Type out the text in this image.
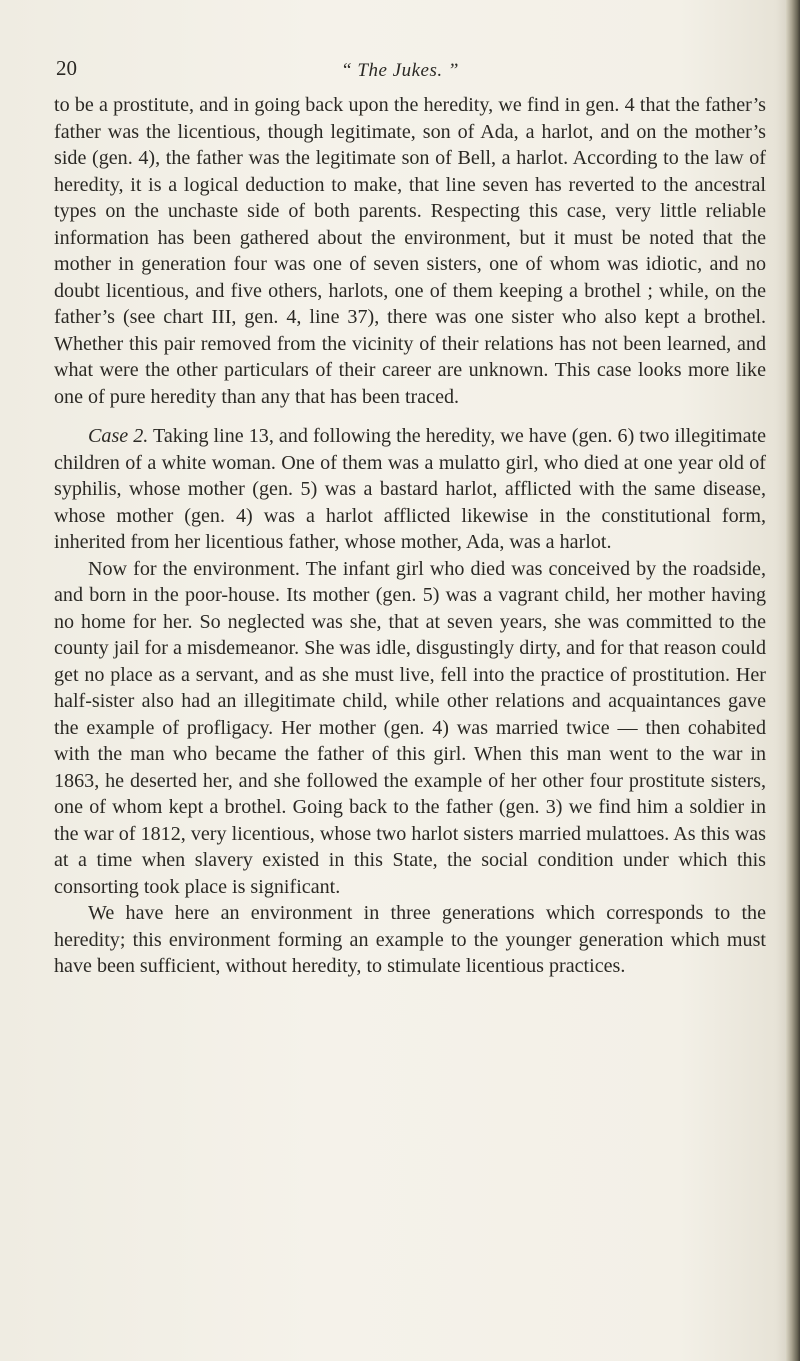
20	“ The Jukes. ”

to be a prostitute, and in going back upon the heredity, we find in gen. 4 that the father’s father was the licentious, though legitimate, son of Ada, a harlot, and on the mother’s side (gen. 4), the father was the legitimate son of Bell, a harlot. According to the law of heredity, it is a logical deduction to make, that line seven has reverted to the ancestral types on the unchaste side of both parents. Respecting this case, very little reliable information has been gathered about the environment, but it must be noted that the mother in generation four was one of seven sisters, one of whom was idiotic, and no doubt licentious, and five others, harlots, one of them keeping a brothel ; while, on the father’s (see chart III, gen. 4, line 37), there was one sister who also kept a brothel. Whether this pair removed from the vicinity of their relations has not been learned, and what were the other particulars of their career are unknown. This case looks more like one of pure heredity than any that has been traced.

Case 2. Taking line 13, and following the heredity, we have (gen. 6) two illegitimate children of a white woman. One of them was a mulatto girl, who died at one year old of syphilis, whose mother (gen. 5) was a bastard harlot, afflicted with the same disease, whose mother (gen. 4) was a harlot afflicted likewise in the constitutional form, inherited from her licentious father, whose mother, Ada, was a harlot.

Now for the environment. The infant girl who died was conceived by the roadside, and born in the poor-house. Its mother (gen. 5) was a vagrant child, her mother having no home for her. So neglected was she, that at seven years, she was committed to the county jail for a misdemeanor. She was idle, disgustingly dirty, and for that reason could get no place as a servant, and as she must live, fell into the practice of prostitution. Her half-sister also had an illegitimate child, while other relations and acquaintances gave the example of profligacy. Her mother (gen. 4) was married twice — then cohabited with the man who became the father of this girl. When this man went to the war in 1863, he deserted her, and she followed the example of her other four prostitute sisters, one of whom kept a brothel. Going back to the father (gen. 3) we find him a soldier in the war of 1812, very licentious, whose two harlot sisters married mulattoes. As this was at a time when slavery existed in this State, the social condition under which this consorting took place is significant.

We have here an environment in three generations which corresponds to the heredity; this environment forming an example to the younger generation which must have been sufficient, without heredity, to stimulate licentious practices.
